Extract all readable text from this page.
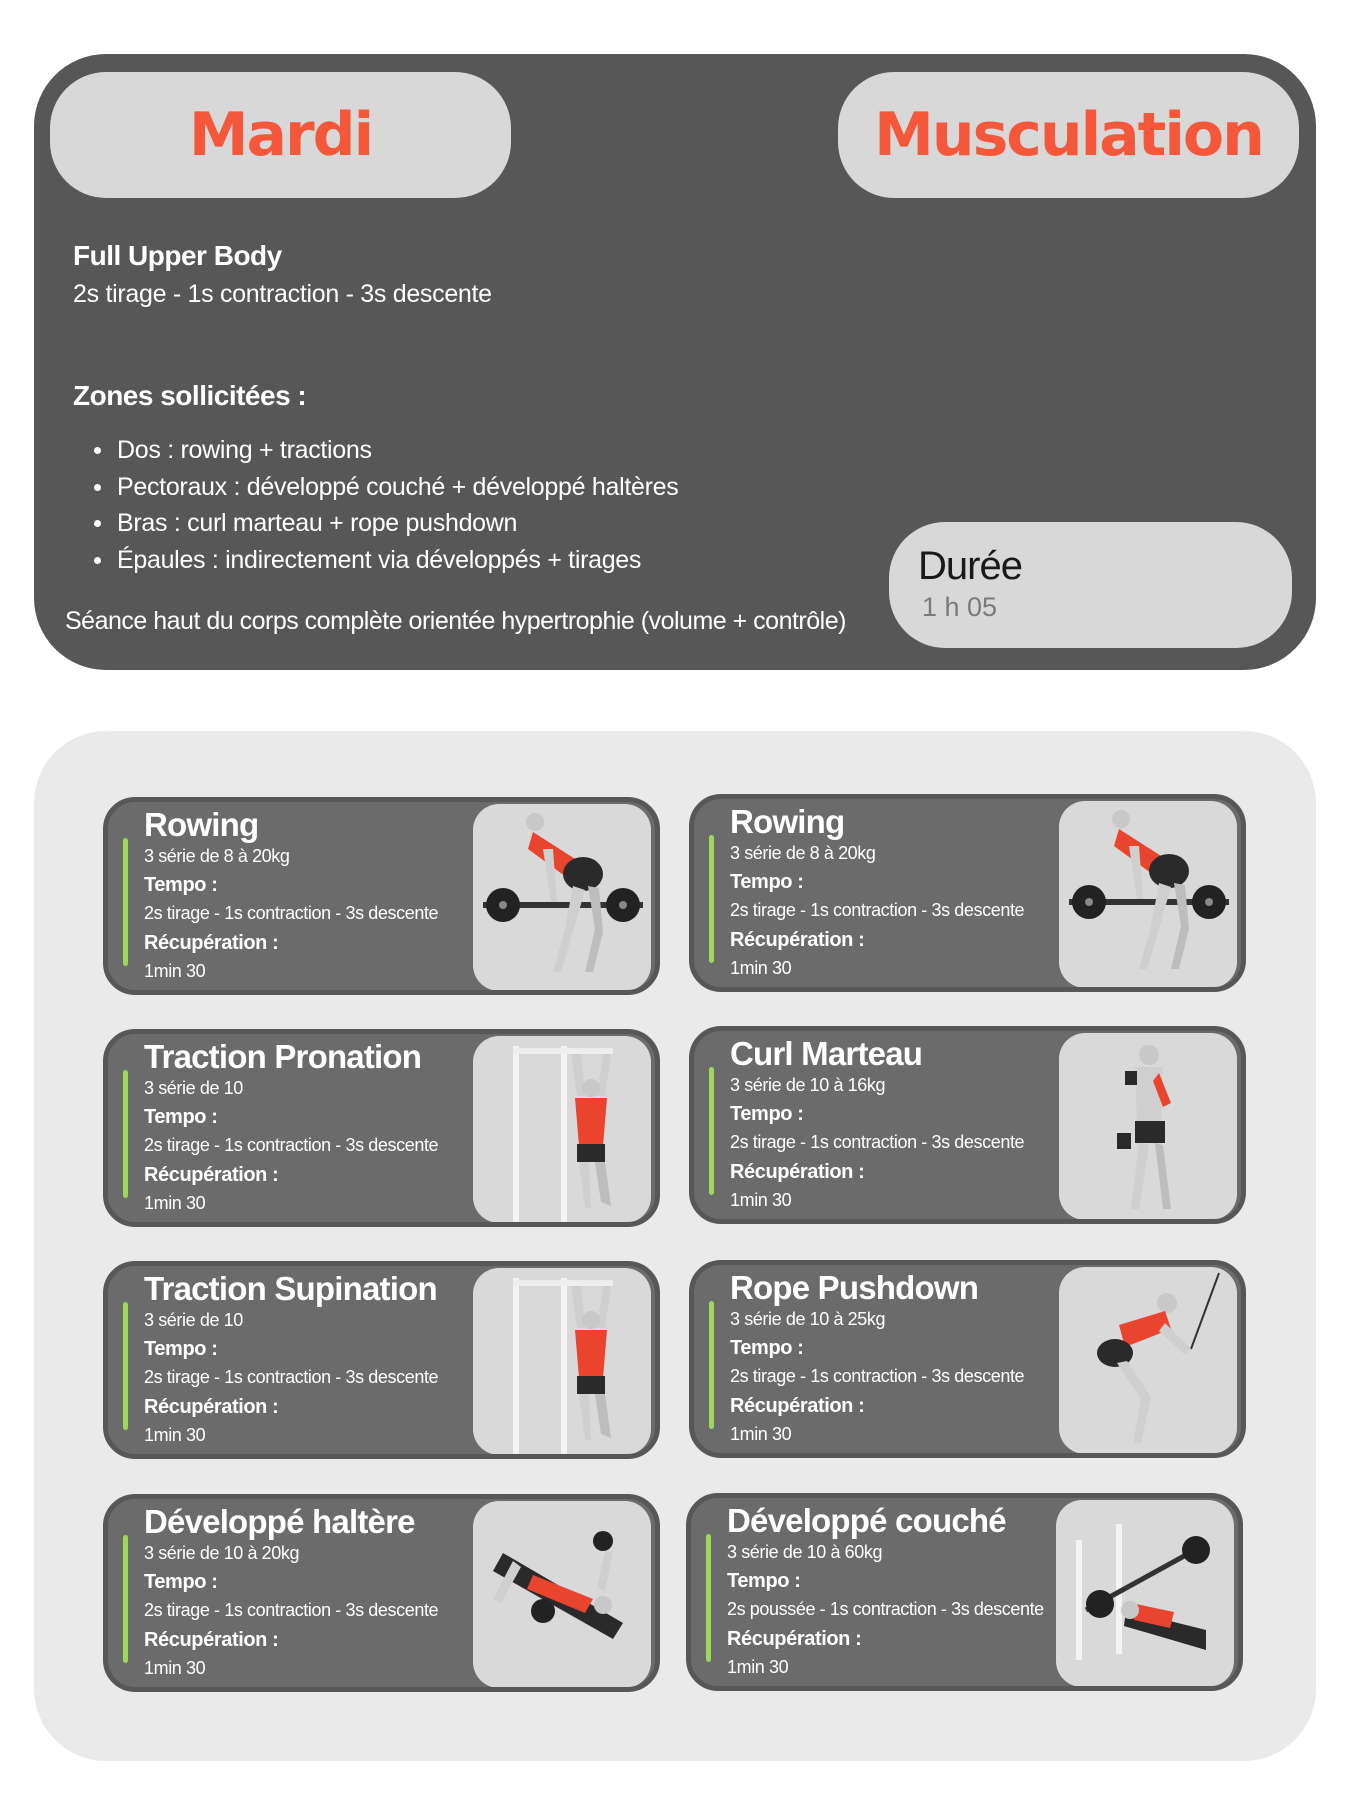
Mardi	Musculation
Full Upper Body
2s tirage - 1s contraction - 3s descente
Zones sollicitées :
Dos : rowing + tractions
Pectoraux : développé couché + développé haltères
Bras : curl marteau + rope pushdown
Épaules : indirectement via développés + tirages
Séance haut du corps complète orientée hypertrophie (volume + contrôle)
Durée
1 h 05
Rowing
3 série de 8 à 20kg
Tempo :
2s tirage - 1s contraction - 3s descente
Récupération :
1min 30
Rowing
3 série de 8 à 20kg
Tempo :
2s tirage - 1s contraction - 3s descente
Récupération :
1min 30
Traction Pronation
3 série de 10
Tempo :
2s tirage - 1s contraction - 3s descente
Récupération :
1min 30
Curl Marteau
3 série de 10 à 16kg
Tempo :
2s tirage - 1s contraction - 3s descente
Récupération :
1min 30
Traction Supination
3 série de 10
Tempo :
2s tirage - 1s contraction - 3s descente
Récupération :
1min 30
Rope Pushdown
3 série de 10 à 25kg
Tempo :
2s tirage - 1s contraction - 3s descente
Récupération :
1min 30
Développé haltère
3 série de 10 à 20kg
Tempo :
2s tirage - 1s contraction - 3s descente
Récupération :
1min 30
Développé couché
3 série de 10 à 60kg
Tempo :
2s poussée - 1s contraction - 3s descente
Récupération :
1min 30
